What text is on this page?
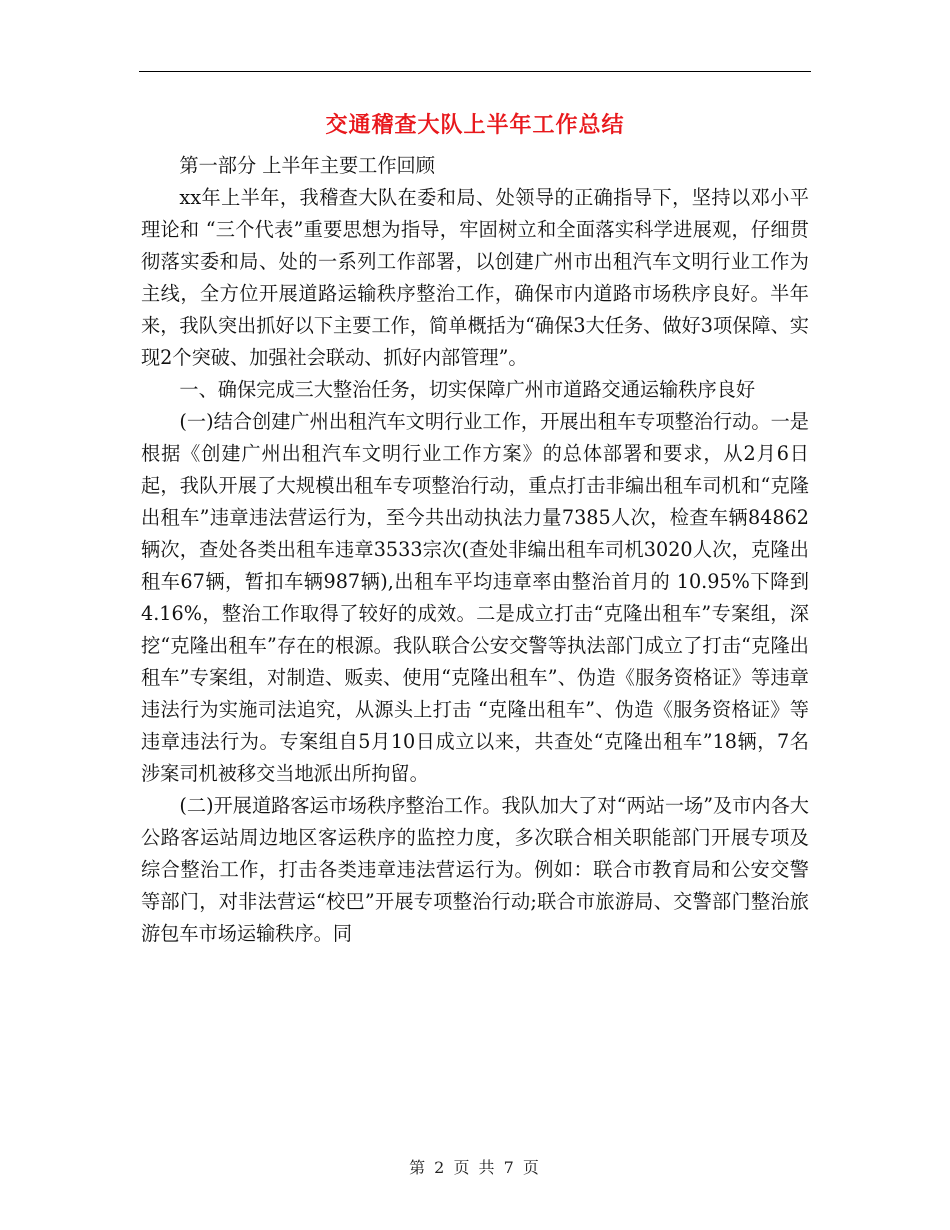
交通稽查大队上半年工作总结

第一部分 上半年主要工作回顾

xx年上半年，我稽查大队在委和局、处领导的正确指导下，坚持以邓小平理论和 “三个代表”重要思想为指导，牢固树立和全面落实科学进展观，仔细贯彻落实委和局、处的一系列工作部署，以创建广州市出租汽车文明行业工作为主线，全方位开展道路运输秩序整治工作，确保市内道路市场秩序良好。半年来，我队突出抓好以下主要工作，简单概括为“确保3大任务、做好3项保障、实现2个突破、加强社会联动、抓好内部管理”。

一、确保完成三大整治任务，切实保障广州市道路交通运输秩序良好

(一)结合创建广州出租汽车文明行业工作，开展出租车专项整治行动。一是根据《创建广州出租汽车文明行业工作方案》的总体部署和要求，从2月6日起，我队开展了大规模出租车专项整治行动，重点打击非编出租车司机和“克隆出租车”违章违法营运行为，至今共出动执法力量7385人次，检查车辆84862辆次，查处各类出租车违章3533宗次(查处非编出租车司机3020人次，克隆出租车67辆，暂扣车辆987辆),出租车平均违章率由整治首月的 10.95%下降到4.16%，整治工作取得了较好的成效。二是成立打击“克隆出租车”专案组，深挖“克隆出租车”存在的根源。我队联合公安交警等执法部门成立了打击“克隆出租车”专案组，对制造、贩卖、使用“克隆出租车”、伪造《服务资格证》等违章违法行为实施司法追究，从源头上打击 “克隆出租车”、伪造《服务资格证》等违章违法行为。专案组自5月10日成立以来，共查处“克隆出租车”18辆，7名涉案司机被移交当地派出所拘留。

(二)开展道路客运市场秩序整治工作。我队加大了对“两站一场”及市内各大公路客运站周边地区客运秩序的监控力度，多次联合相关职能部门开展专项及综合整治工作，打击各类违章违法营运行为。例如：联合市教育局和公安交警等部门，对非法营运“校巴”开展专项整治行动;联合市旅游局、交警部门整治旅游包车市场运输秩序。同

第 2 页 共 7 页
